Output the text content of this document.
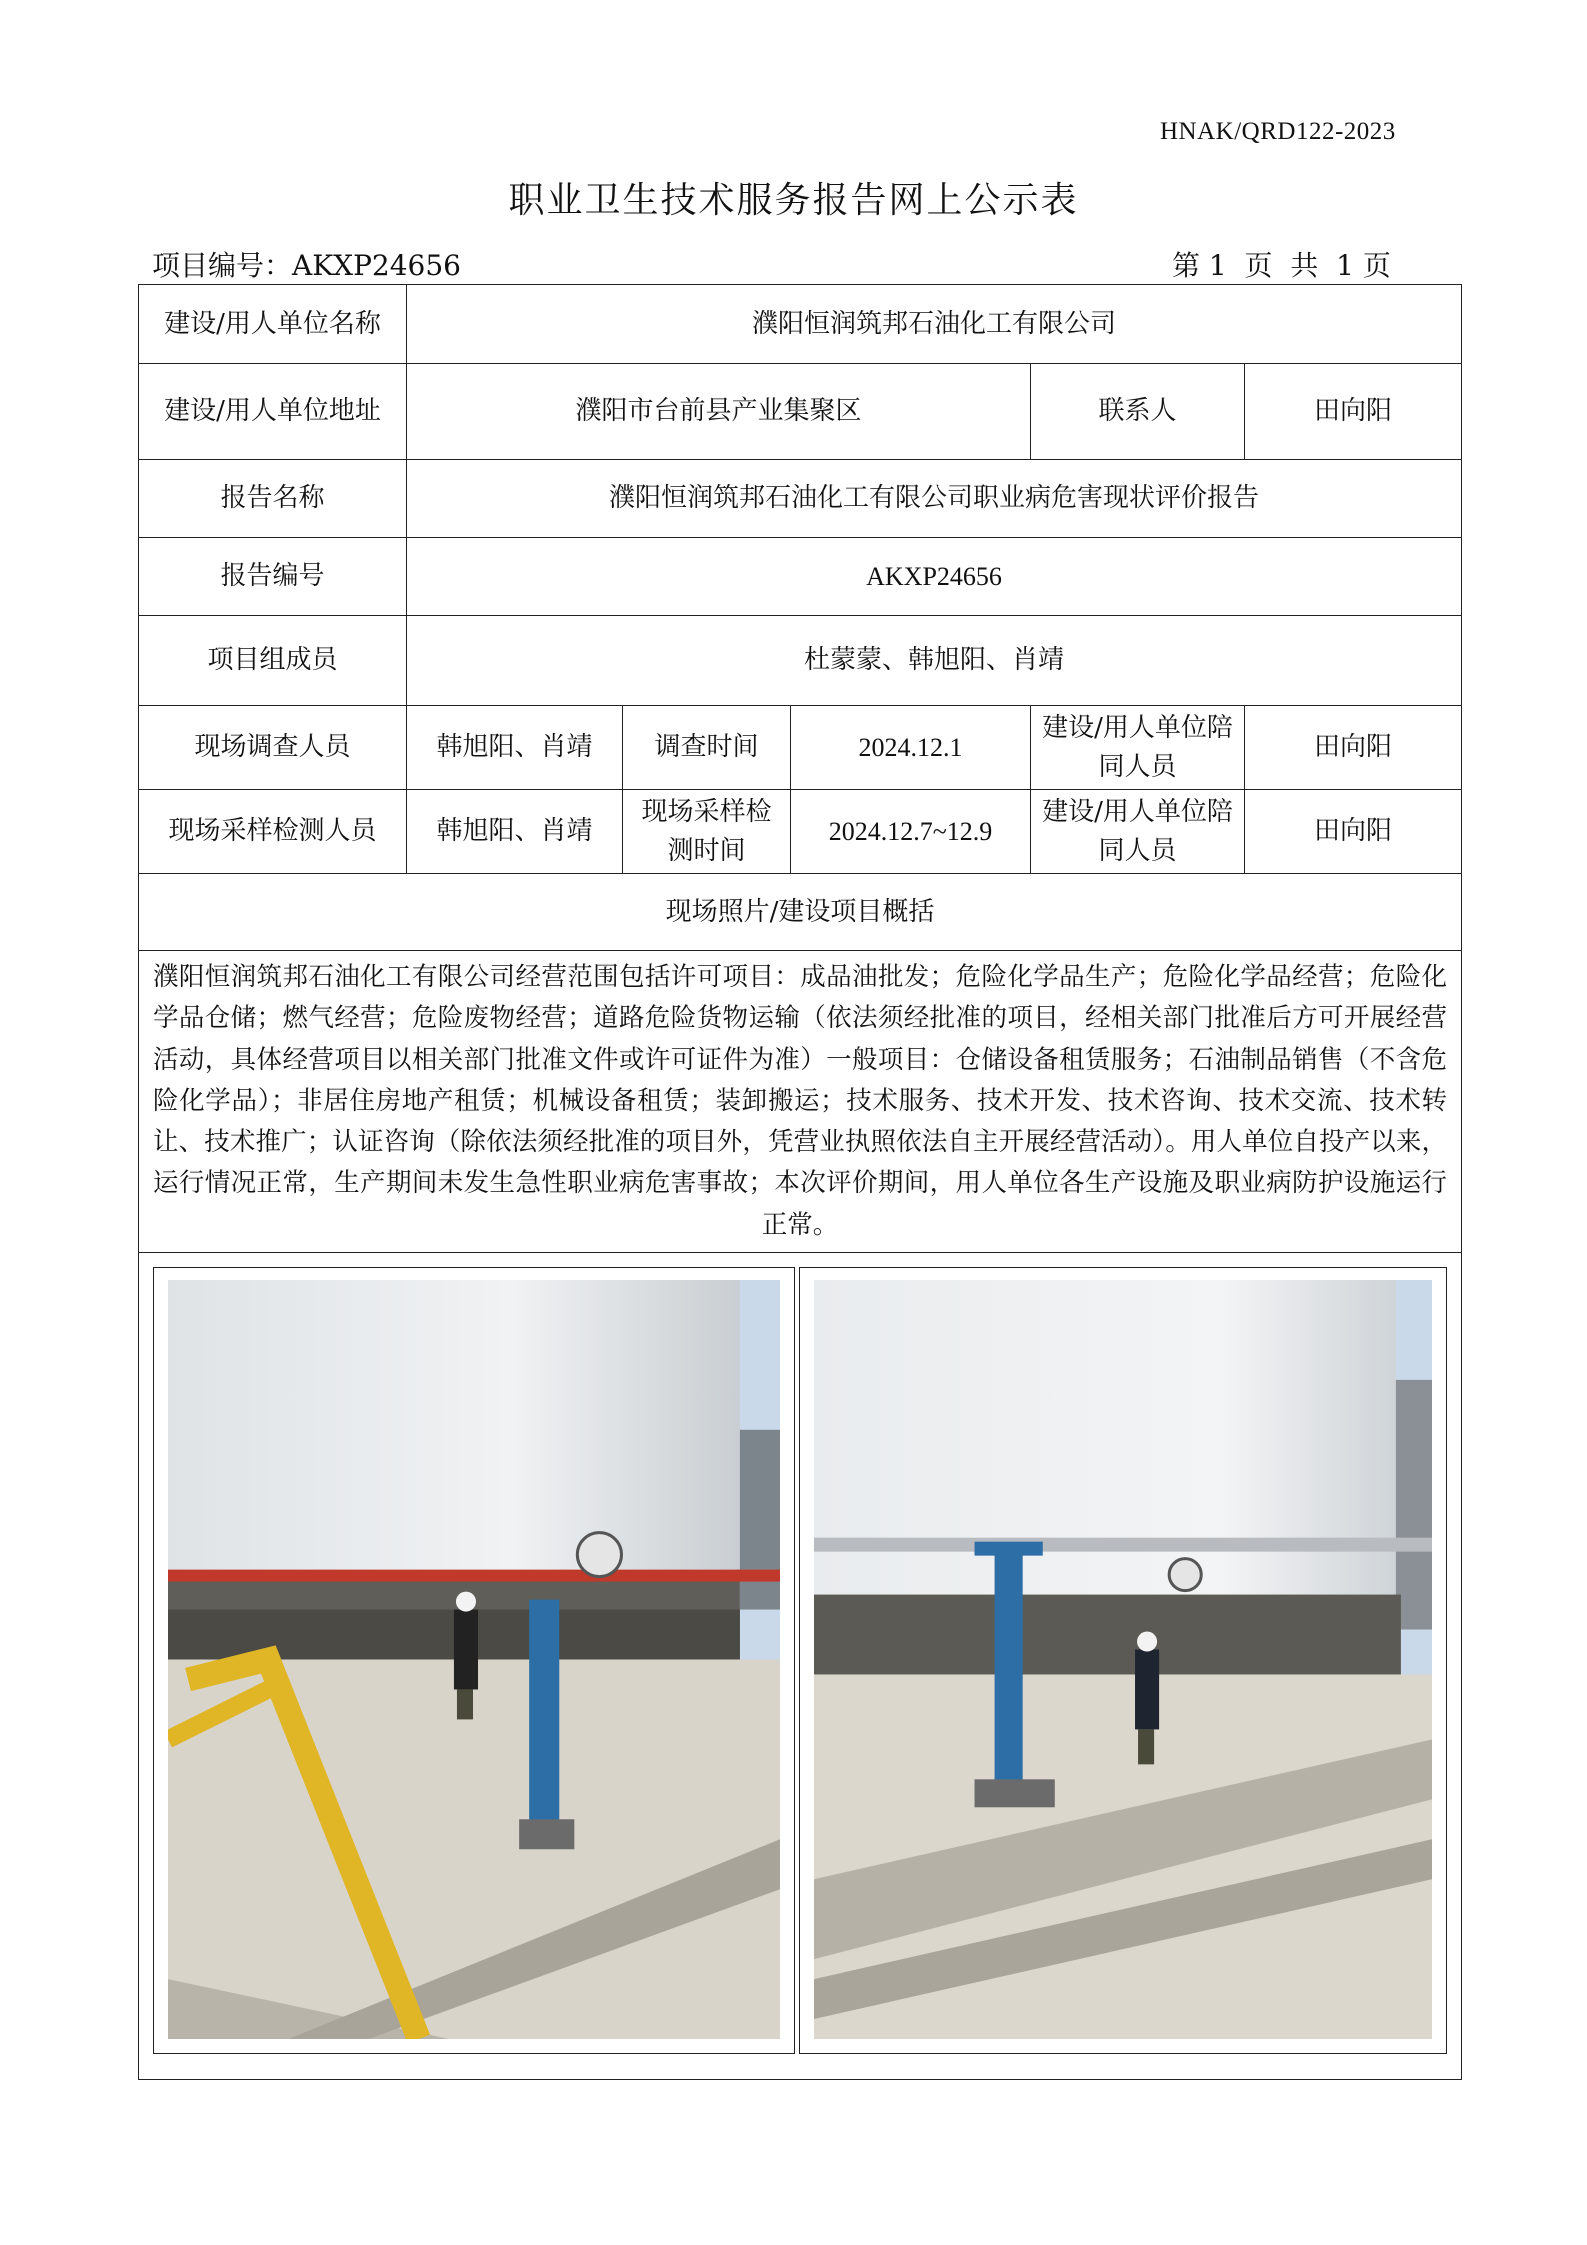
HNAK/QRD122-2023
职业卫生技术服务报告网上公示表
项目编号：AKXP24656	第 1  页  共  1 页
建设/用人单位名称	濮阳恒润筑邦石油化工有限公司				
建设/用人单位地址	濮阳市台前县产业集聚区			联系人	田向阳
报告名称	濮阳恒润筑邦石油化工有限公司职业病危害现状评价报告				
报告编号	AKXP24656				
项目组成员	杜蒙蒙、韩旭阳、肖靖				
现场调查人员	韩旭阳、肖靖	调查时间	2024.12.1	建设/用人单位陪同人员	田向阳
现场采样检测人员	韩旭阳、肖靖	现场采样检测时间	2024.12.7~12.9	建设/用人单位陪同人员	田向阳
现场照片/建设项目概括					
濮阳恒润筑邦石油化工有限公司经营范围包括许可项目：成品油批发；危险化学品生产；危险化学品经营；危险化学品仓储；燃气经营；危险废物经营；道路危险货物运输（依法须经批准的项目，经相关部门批准后方可开展经营活动，具体经营项目以相关部门批准文件或许可证件为准）一般项目：仓储设备租赁服务；石油制品销售（不含危险化学品）；非居住房地产租赁；机械设备租赁；装卸搬运；技术服务、技术开发、技术咨询、技术交流、技术转让、技术推广；认证咨询（除依法须经批准的项目外，凭营业执照依法自主开展经营活动）。用人单位自投产以来，运行情况正常，生产期间未发生急性职业病危害事故；本次评价期间，用人单位各生产设施及职业病防护设施运行正常。					
